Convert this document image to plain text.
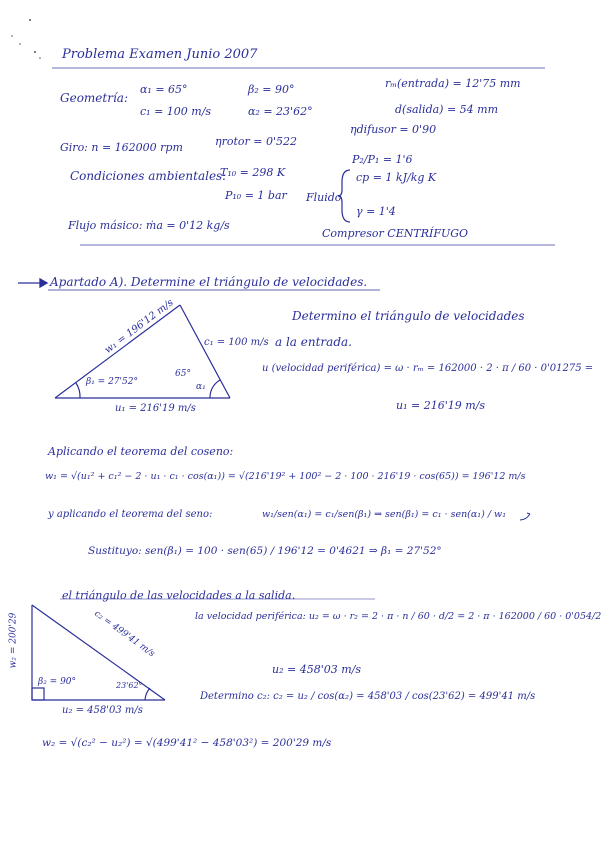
Problema Examen Junio 2007
Geometría:
α₁ = 65°	β₂ = 90°	rₘ(entrada) = 12'75 mm
c₁ = 100 m/s	α₂ = 23'62°	d(salida) = 54 mm
Giro: n = 162000 rpm	ηrotor = 0'522
ηdifusor = 0'90
Condiciones ambientales:
T₁₀ = 298 K
P₁₀ = 1 bar
P₂/P₁ = 1'6
Fluido
cp = 1 kJ/kg K
γ = 1'4
Flujo másico: ṁa = 0'12 kg/s
Compresor CENTRÍFUGO
Apartado A). Determine el triángulo de velocidades.
Determino el triángulo de velocidades
a la entrada.
w₁ = 196'12 m/s	c₁ = 100 m/s
β₁ = 27'52°
65°
α₁
u₁ = 216'19 m/s
u (velocidad periférica) = ω · rₘ = 162000 · 2 · π / 60 · 0'01275 =
u₁ = 216'19 m/s
Aplicando el teorema del coseno:
w₁ = √(u₁² + c₁² − 2 · u₁ · c₁ · cos(α₁)) = √(216'19² + 100² − 2 · 100 · 216'19 · cos(65)) = 196'12 m/s
y aplicando el teorema del seno:	w₁/sen(α₁) = c₁/sen(β₁) ⇒ sen(β₁) = c₁ · sen(α₁) / w₁
Sustituyo: sen(β₁) = 100 · sen(65) / 196'12 = 0'4621 ⇒ β₁ = 27'52°
el triángulo de las velocidades a la salida.
la velocidad periférica: u₂ = ω · r₂ = 2 · π · n / 60 · d/2 = 2 · π · 162000 / 60 · 0'054/2
u₂ = 458'03 m/s
c₂ = 499'41 m/s
w₂ = 200'29
β₂ = 90°	23'62°
u₂ = 458'03 m/s
Determino c₂: c₂ = u₂ / cos(α₂) = 458'03 / cos(23'62) = 499'41 m/s
w₂ = √(c₂² − u₂²) = √(499'41² − 458'03²) = 200'29 m/s
